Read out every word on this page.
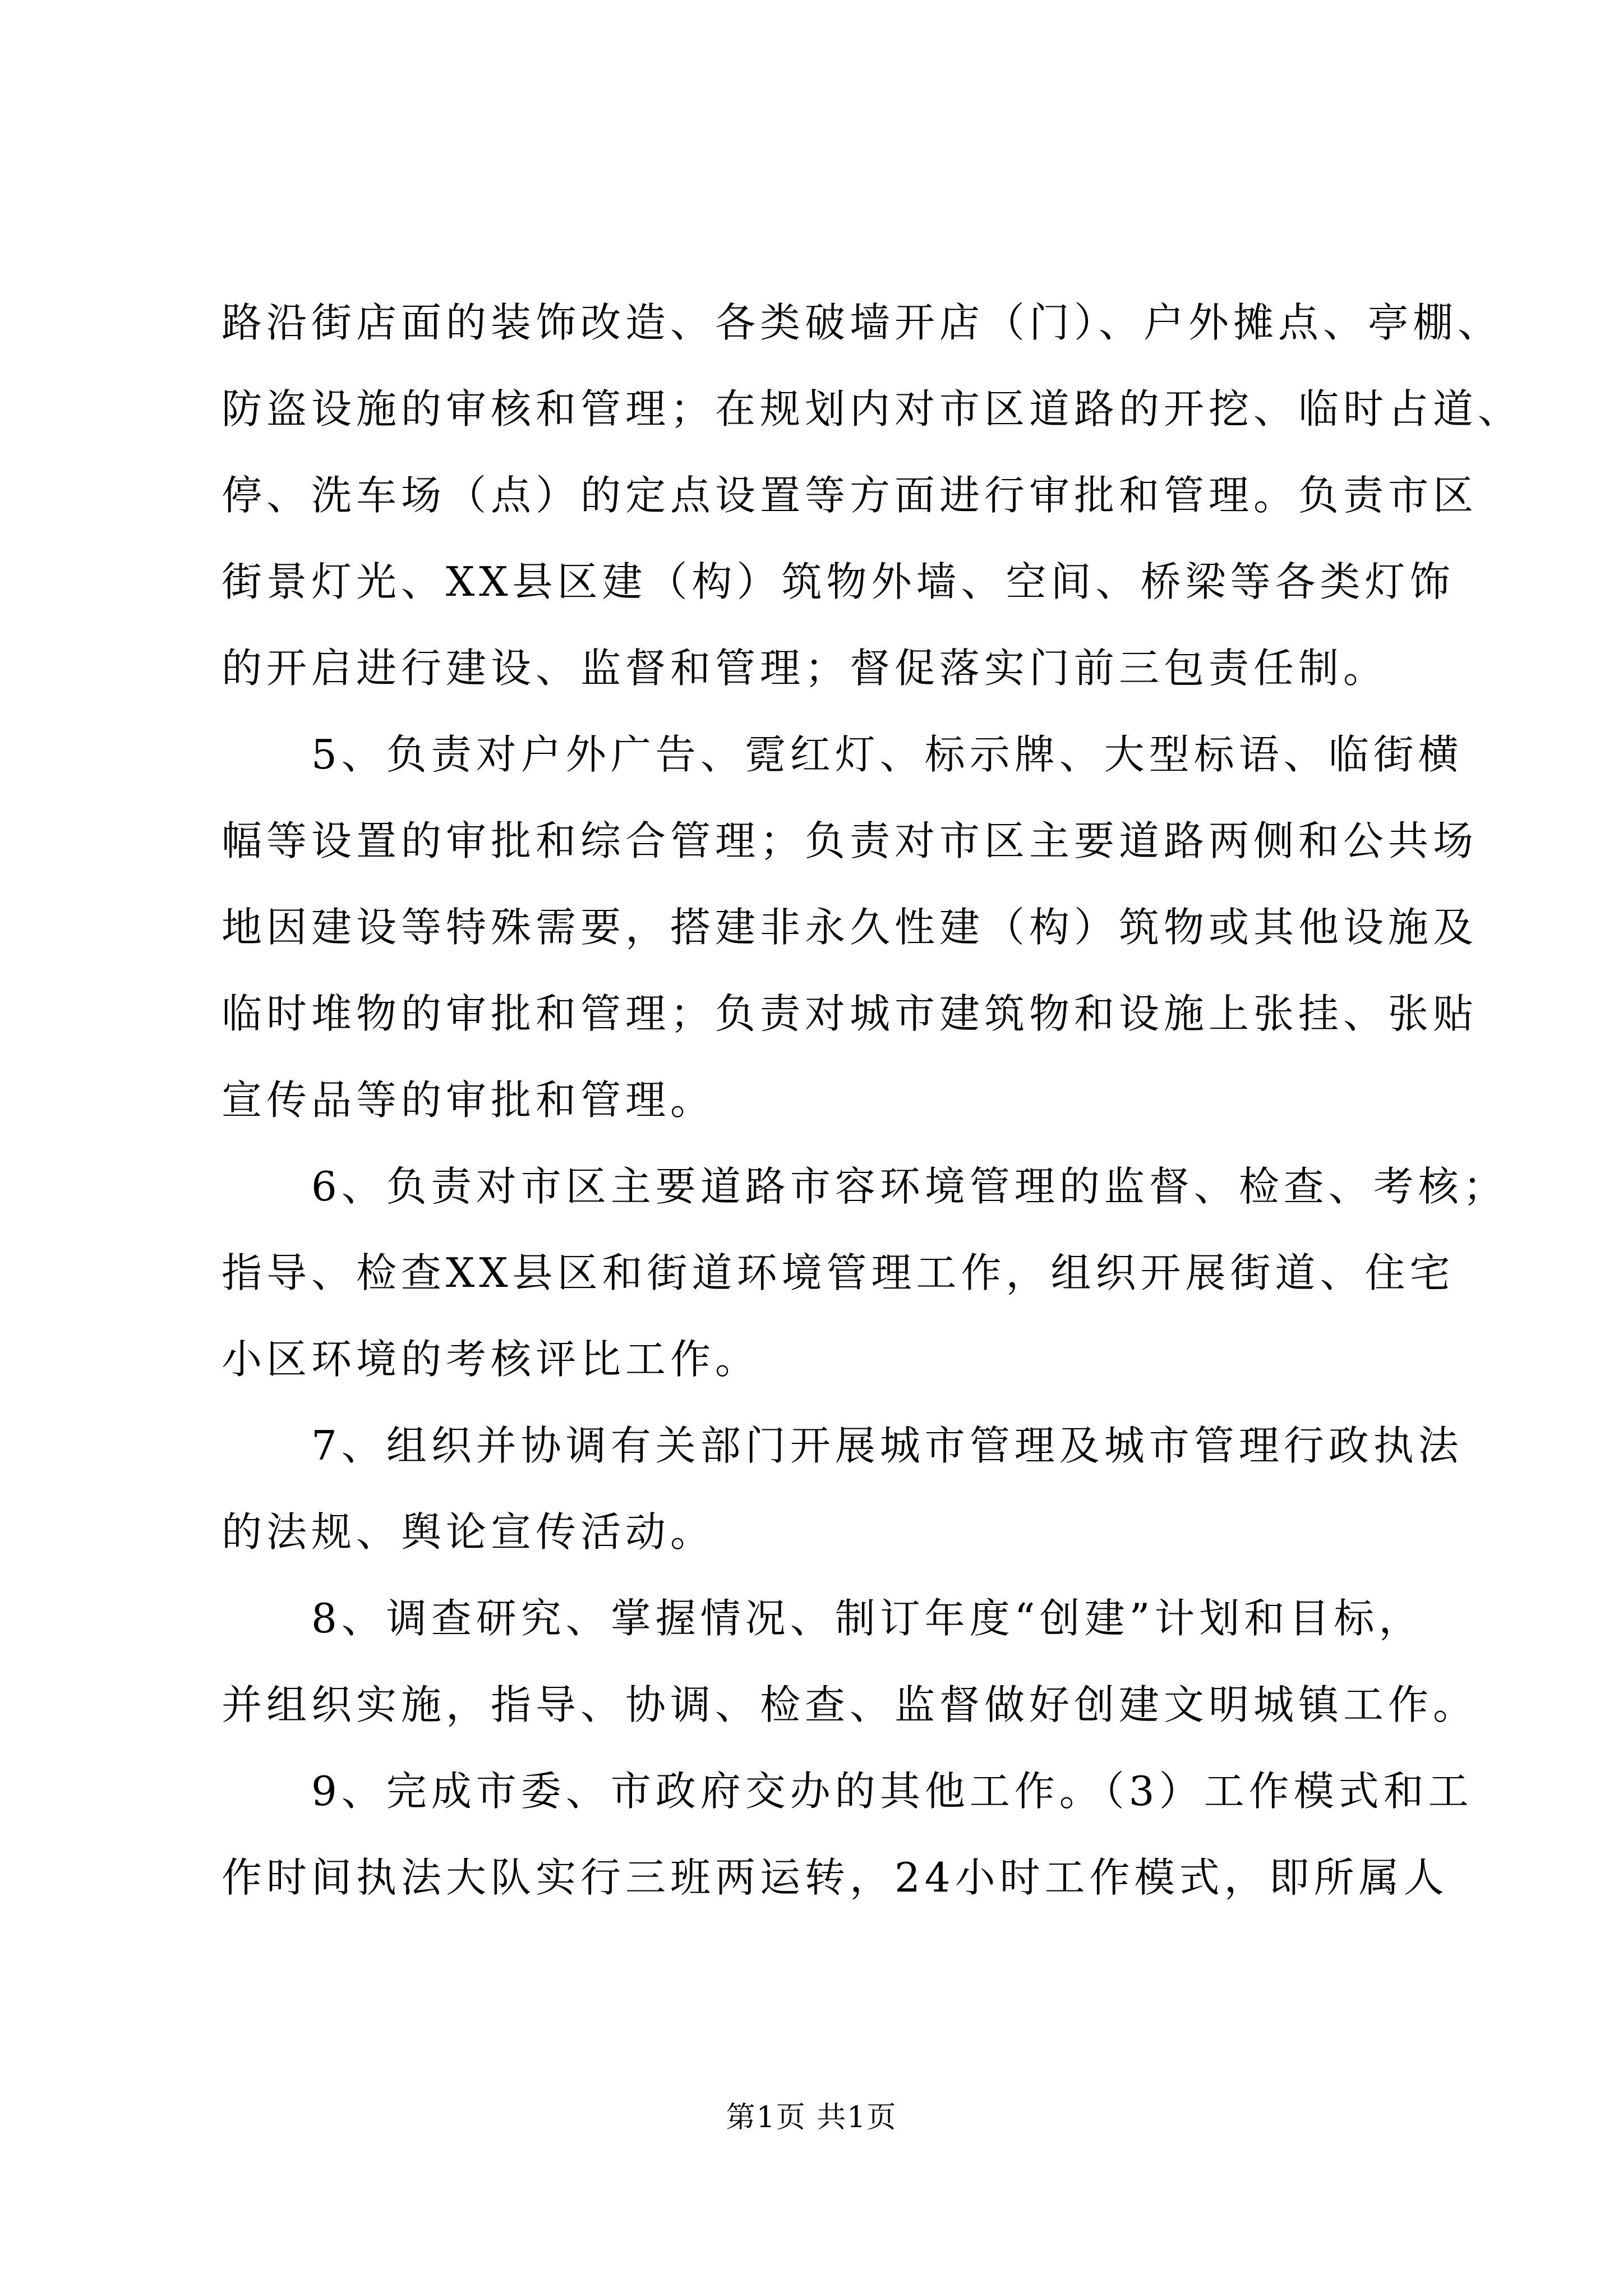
路沿街店面的装饰改造、各类破墙开店（门）、户外摊点、亭棚、
防盗设施的审核和管理；在规划内对市区道路的开挖、临时占道、
停、洗车场（点）的定点设置等方面进行审批和管理。负责市区
街景灯光、XX县区建（构）筑物外墙、空间、桥梁等各类灯饰
的开启进行建设、监督和管理；督促落实门前三包责任制。
　　5、负责对户外广告、霓红灯、标示牌、大型标语、临街横
幅等设置的审批和综合管理；负责对市区主要道路两侧和公共场
地因建设等特殊需要，搭建非永久性建（构）筑物或其他设施及
临时堆物的审批和管理；负责对城市建筑物和设施上张挂、张贴
宣传品等的审批和管理。
　　6、负责对市区主要道路市容环境管理的监督、检查、考核；
指导、检查XX县区和街道环境管理工作，组织开展街道、住宅
小区环境的考核评比工作。
　　7、组织并协调有关部门开展城市管理及城市管理行政执法
的法规、舆论宣传活动。
　　8、调查研究、掌握情况、制订年度“创建”计划和目标，
并组织实施，指导、协调、检查、监督做好创建文明城镇工作。
　　9、完成市委、市政府交办的其他工作。（3）工作模式和工
作时间执法大队实行三班两运转，24小时工作模式，即所属人
第1页 共1页
